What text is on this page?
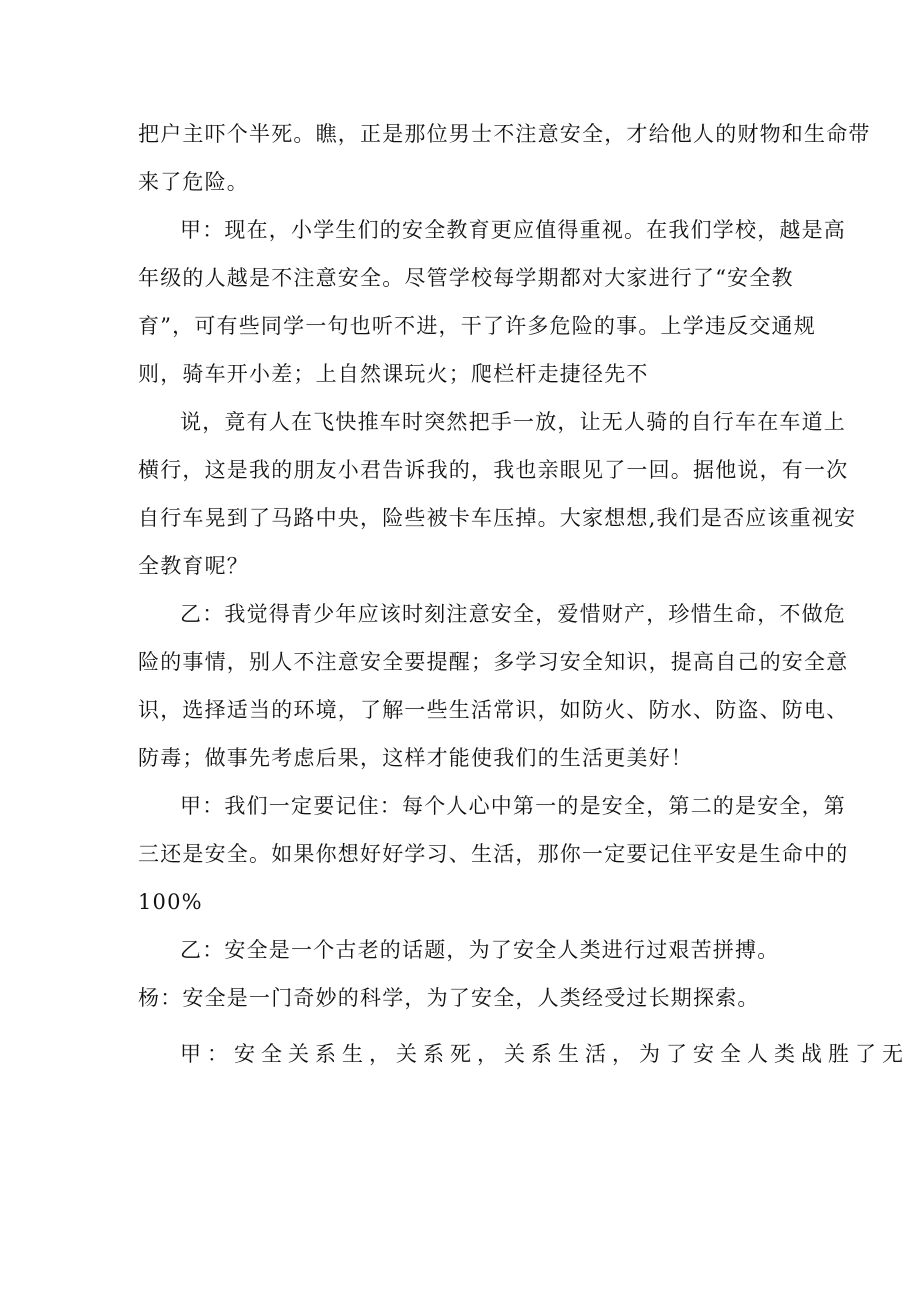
把户主吓个半死。瞧，正是那位男士不注意安全，才给他人的财物和生命带
来了危险。
甲：现在，小学生们的安全教育更应值得重视。在我们学校，越是高
年级的人越是不注意安全。尽管学校每学期都对大家进行了“安全教
育”，可有些同学一句也听不进，干了许多危险的事。上学违反交通规
则，骑车开小差；上自然课玩火；爬栏杆走捷径先不
说，竟有人在飞快推车时突然把手一放，让无人骑的自行车在车道上
横行，这是我的朋友小君告诉我的，我也亲眼见了一回。据他说，有一次
自行车晃到了马路中央，险些被卡车压掉。大家想想,我们是否应该重视安
全教育呢？
乙：我觉得青少年应该时刻注意安全，爱惜财产，珍惜生命，不做危
险的事情，别人不注意安全要提醒；多学习安全知识，提高自己的安全意
识，选择适当的环境，了解一些生活常识，如防火、防水、防盗、防电、
防毒；做事先考虑后果，这样才能使我们的生活更美好！
甲：我们一定要记住：每个人心中第一的是安全，第二的是安全，第
三还是安全。如果你想好好学习、生活，那你一定要记住平安是生命中的
100%
乙：安全是一个古老的话题，为了安全人类进行过艰苦拼搏。
杨：安全是一门奇妙的科学，为了安全，人类经受过长期探索。
甲：安全关系生，关系死，关系生活，为了安全人类战胜了无
